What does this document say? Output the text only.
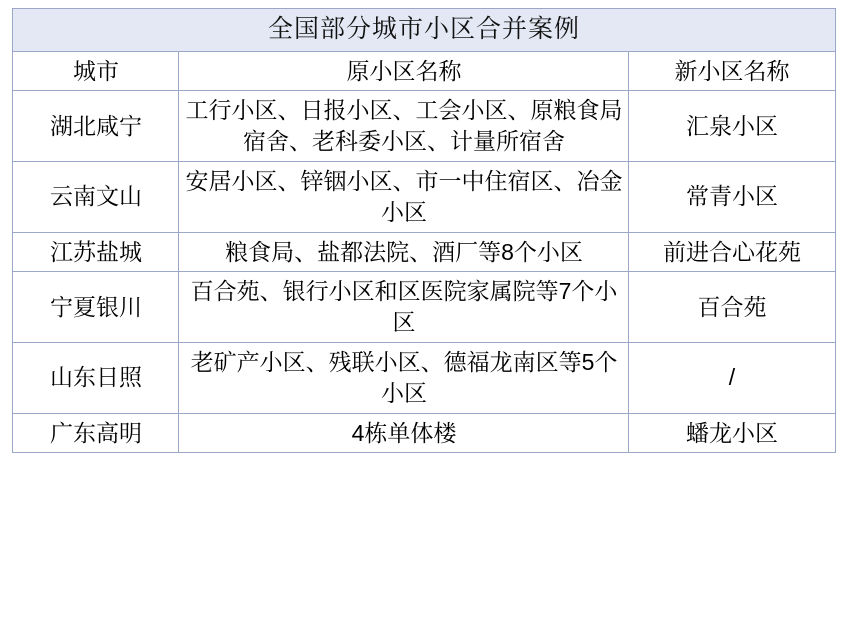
全国部分城市小区合并案例		
城市	原小区名称	新小区名称
湖北咸宁	工行小区、日报小区、工会小区、原粮食局宿舍、老科委小区、计量所宿舍	汇泉小区
云南文山	安居小区、锌铟小区、市一中住宿区、冶金小区	常青小区
江苏盐城	粮食局、盐都法院、酒厂等8个小区	前进合心花苑
宁夏银川	百合苑、银行小区和区医院家属院等7个小区	百合苑
山东日照	老矿产小区、残联小区、德福龙南区等5个小区	/
广东高明	4栋单体楼	蟠龙小区
